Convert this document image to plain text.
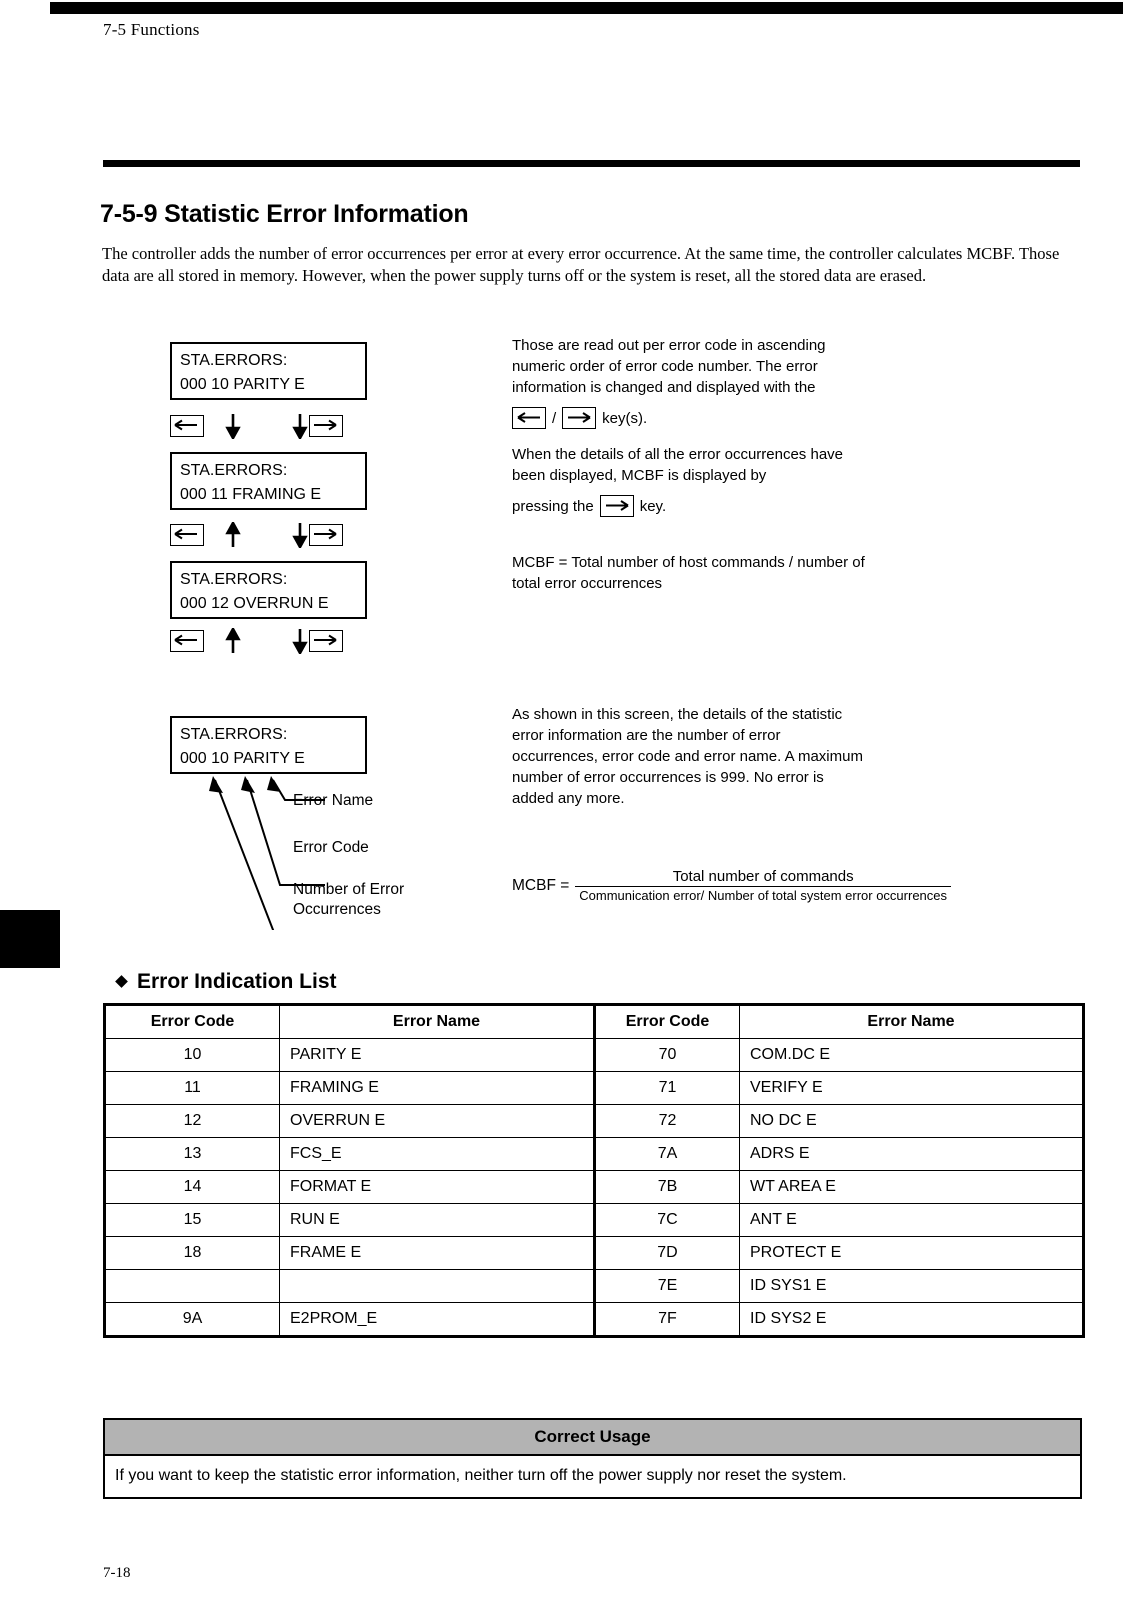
7-5 Functions
7-5-9 Statistic Error Information
The controller adds the number of error occurrences per error at every error occurrence. At the same time, the controller calculates MCBF. Those data are all stored in memory. However, when the power supply turns off or the system is reset, all the stored data are erased.
STA.ERRORS:
000 10 PARITY E
STA.ERRORS:
000 11 FRAMING E
STA.ERRORS:
000 12 OVERRUN E
Those are read out per error code in ascending numeric order of error code number. The error information is changed and displayed with the
/	key(s).
When the details of all the error occurrences have been displayed, MCBF is displayed by
pressing the	key.
MCBF = Total number of host commands / number of total error occurrences
As shown in this screen, the details of the statistic error information are the number of error occurrences, error code and error name. A maximum number of error occurrences is 999. No error is added any more.
STA.ERRORS:
000 10 PARITY E
Error Name
Error Code
Number of Error
Occurrences
MCBF =	Total number of commands
Communication error/ Number of total system error occurrences
Error Indication List
Error Code	Error Name	Error Code	Error Name
10	PARITY E	70	COM.DC E
11	FRAMING E	71	VERIFY E
12	OVERRUN E	72	NO DC E
13	FCS_E	7A	ADRS E
14	FORMAT E	7B	WT AREA E
15	RUN E	7C	ANT E
18	FRAME E	7D	PROTECT E
		7E	ID SYS1 E
9A	E2PROM_E	7F	ID SYS2 E
Correct Usage
If you want to keep the statistic error information, neither turn off the power supply nor reset the system.
7-18
